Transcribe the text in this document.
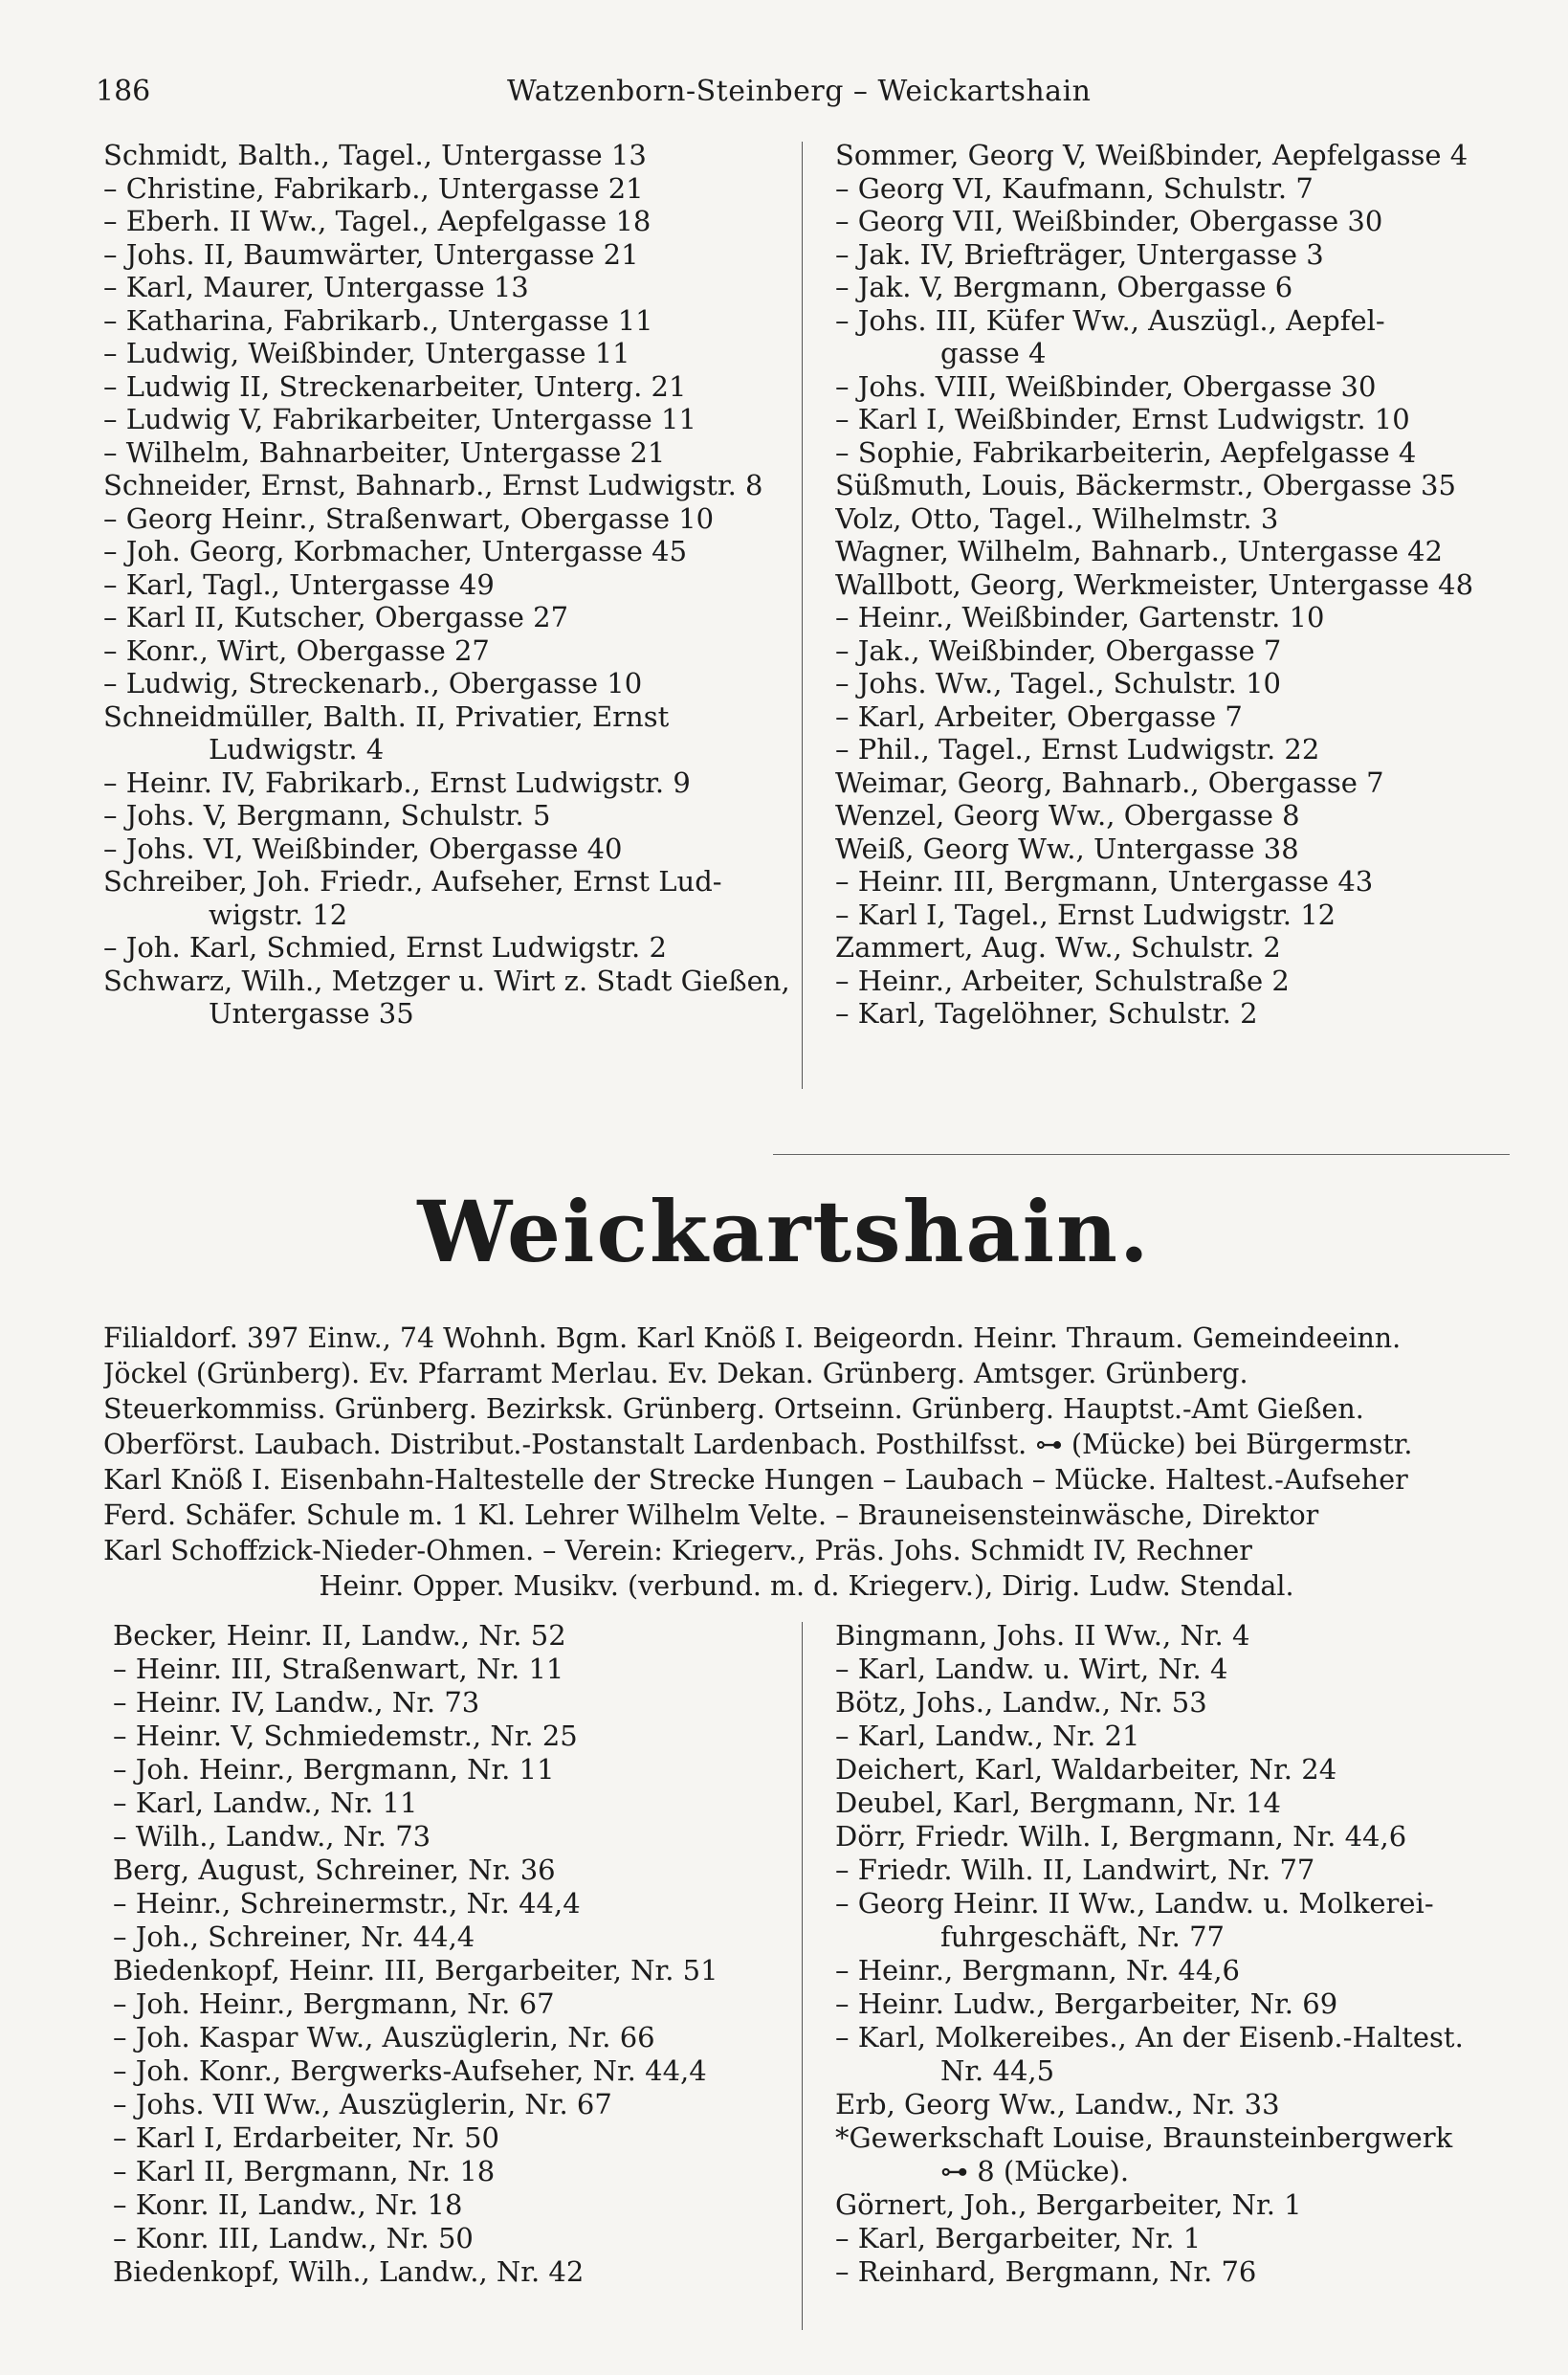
186	Watzenborn-Steinberg – Weickartshain
Schmidt, Balth., Tagel., Untergasse 13
– Christine, Fabrikarb., Untergasse 21
– Eberh. II Ww., Tagel., Aepfelgasse 18
– Johs. II, Baumwärter, Untergasse 21
– Karl, Maurer, Untergasse 13
– Katharina, Fabrikarb., Untergasse 11
– Ludwig, Weißbinder, Untergasse 11
– Ludwig II, Streckenarbeiter, Unterg. 21
– Ludwig V, Fabrikarbeiter, Untergasse 11
– Wilhelm, Bahnarbeiter, Untergasse 21
Schneider, Ernst, Bahnarb., Ernst Ludwigstr. 8
– Georg Heinr., Straßenwart, Obergasse 10
– Joh. Georg, Korbmacher, Untergasse 45
– Karl, Tagl., Untergasse 49
– Karl II, Kutscher, Obergasse 27
– Konr., Wirt, Obergasse 27
– Ludwig, Streckenarb., Obergasse 10
Schneidmüller, Balth. II, Privatier, Ernst
Ludwigstr. 4
– Heinr. IV, Fabrikarb., Ernst Ludwigstr. 9
– Johs. V, Bergmann, Schulstr. 5
– Johs. VI, Weißbinder, Obergasse 40
Schreiber, Joh. Friedr., Aufseher, Ernst Lud-
wigstr. 12
– Joh. Karl, Schmied, Ernst Ludwigstr. 2
Schwarz, Wilh., Metzger u. Wirt z. Stadt Gießen,
Untergasse 35
Sommer, Georg V, Weißbinder, Aepfelgasse 4
– Georg VI, Kaufmann, Schulstr. 7
– Georg VII, Weißbinder, Obergasse 30
– Jak. IV, Briefträger, Untergasse 3
– Jak. V, Bergmann, Obergasse 6
– Johs. III, Küfer Ww., Auszügl., Aepfel-
gasse 4
– Johs. VIII, Weißbinder, Obergasse 30
– Karl I, Weißbinder, Ernst Ludwigstr. 10
– Sophie, Fabrikarbeiterin, Aepfelgasse 4
Süßmuth, Louis, Bäckermstr., Obergasse 35
Volz, Otto, Tagel., Wilhelmstr. 3
Wagner, Wilhelm, Bahnarb., Untergasse 42
Wallbott, Georg, Werkmeister, Untergasse 48
– Heinr., Weißbinder, Gartenstr. 10
– Jak., Weißbinder, Obergasse 7
– Johs. Ww., Tagel., Schulstr. 10
– Karl, Arbeiter, Obergasse 7
– Phil., Tagel., Ernst Ludwigstr. 22
Weimar, Georg, Bahnarb., Obergasse 7
Wenzel, Georg Ww., Obergasse 8
Weiß, Georg Ww., Untergasse 38
– Heinr. III, Bergmann, Untergasse 43
– Karl I, Tagel., Ernst Ludwigstr. 12
Zammert, Aug. Ww., Schulstr. 2
– Heinr., Arbeiter, Schulstraße 2
– Karl, Tagelöhner, Schulstr. 2
Weickartshain.
Filialdorf. 397 Einw., 74 Wohnh. Bgm. Karl Knöß I. Beigeordn. Heinr. Thraum. Gemeindeeinn.
Jöckel (Grünberg). Ev. Pfarramt Merlau. Ev. Dekan. Grünberg. Amtsger. Grünberg.
Steuerkommiss. Grünberg. Bezirksk. Grünberg. Ortseinn. Grünberg. Hauptst.-Amt Gießen.
Oberförst. Laubach. Distribut.-Postanstalt Lardenbach. Posthilfsst. ⊶ (Mücke) bei Bürgermstr.
Karl Knöß I. Eisenbahn-Haltestelle der Strecke Hungen – Laubach – Mücke. Haltest.-Aufseher
Ferd. Schäfer. Schule m. 1 Kl. Lehrer Wilhelm Velte. – Brauneisensteinwäsche, Direktor
Karl Schoffzick-Nieder-Ohmen. – Verein: Kriegerv., Präs. Johs. Schmidt IV, Rechner
Heinr. Opper. Musikv. (verbund. m. d. Kriegerv.), Dirig. Ludw. Stendal.
Becker, Heinr. II, Landw., Nr. 52
– Heinr. III, Straßenwart, Nr. 11
– Heinr. IV, Landw., Nr. 73
– Heinr. V, Schmiedemstr., Nr. 25
– Joh. Heinr., Bergmann, Nr. 11
– Karl, Landw., Nr. 11
– Wilh., Landw., Nr. 73
Berg, August, Schreiner, Nr. 36
– Heinr., Schreinermstr., Nr. 44,4
– Joh., Schreiner, Nr. 44,4
Biedenkopf, Heinr. III, Bergarbeiter, Nr. 51
– Joh. Heinr., Bergmann, Nr. 67
– Joh. Kaspar Ww., Auszüglerin, Nr. 66
– Joh. Konr., Bergwerks-Aufseher, Nr. 44,4
– Johs. VII Ww., Auszüglerin, Nr. 67
– Karl I, Erdarbeiter, Nr. 50
– Karl II, Bergmann, Nr. 18
– Konr. II, Landw., Nr. 18
– Konr. III, Landw., Nr. 50
Biedenkopf, Wilh., Landw., Nr. 42
Bingmann, Johs. II Ww., Nr. 4
– Karl, Landw. u. Wirt, Nr. 4
Bötz, Johs., Landw., Nr. 53
– Karl, Landw., Nr. 21
Deichert, Karl, Waldarbeiter, Nr. 24
Deubel, Karl, Bergmann, Nr. 14
Dörr, Friedr. Wilh. I, Bergmann, Nr. 44,6
– Friedr. Wilh. II, Landwirt, Nr. 77
– Georg Heinr. II Ww., Landw. u. Molkerei-
fuhrgeschäft, Nr. 77
– Heinr., Bergmann, Nr. 44,6
– Heinr. Ludw., Bergarbeiter, Nr. 69
– Karl, Molkereibes., An der Eisenb.-Haltest.
Nr. 44,5
Erb, Georg Ww., Landw., Nr. 33
*Gewerkschaft Louise, Braunsteinbergwerk
⊶ 8 (Mücke).
Görnert, Joh., Bergarbeiter, Nr. 1
– Karl, Bergarbeiter, Nr. 1
– Reinhard, Bergmann, Nr. 76
